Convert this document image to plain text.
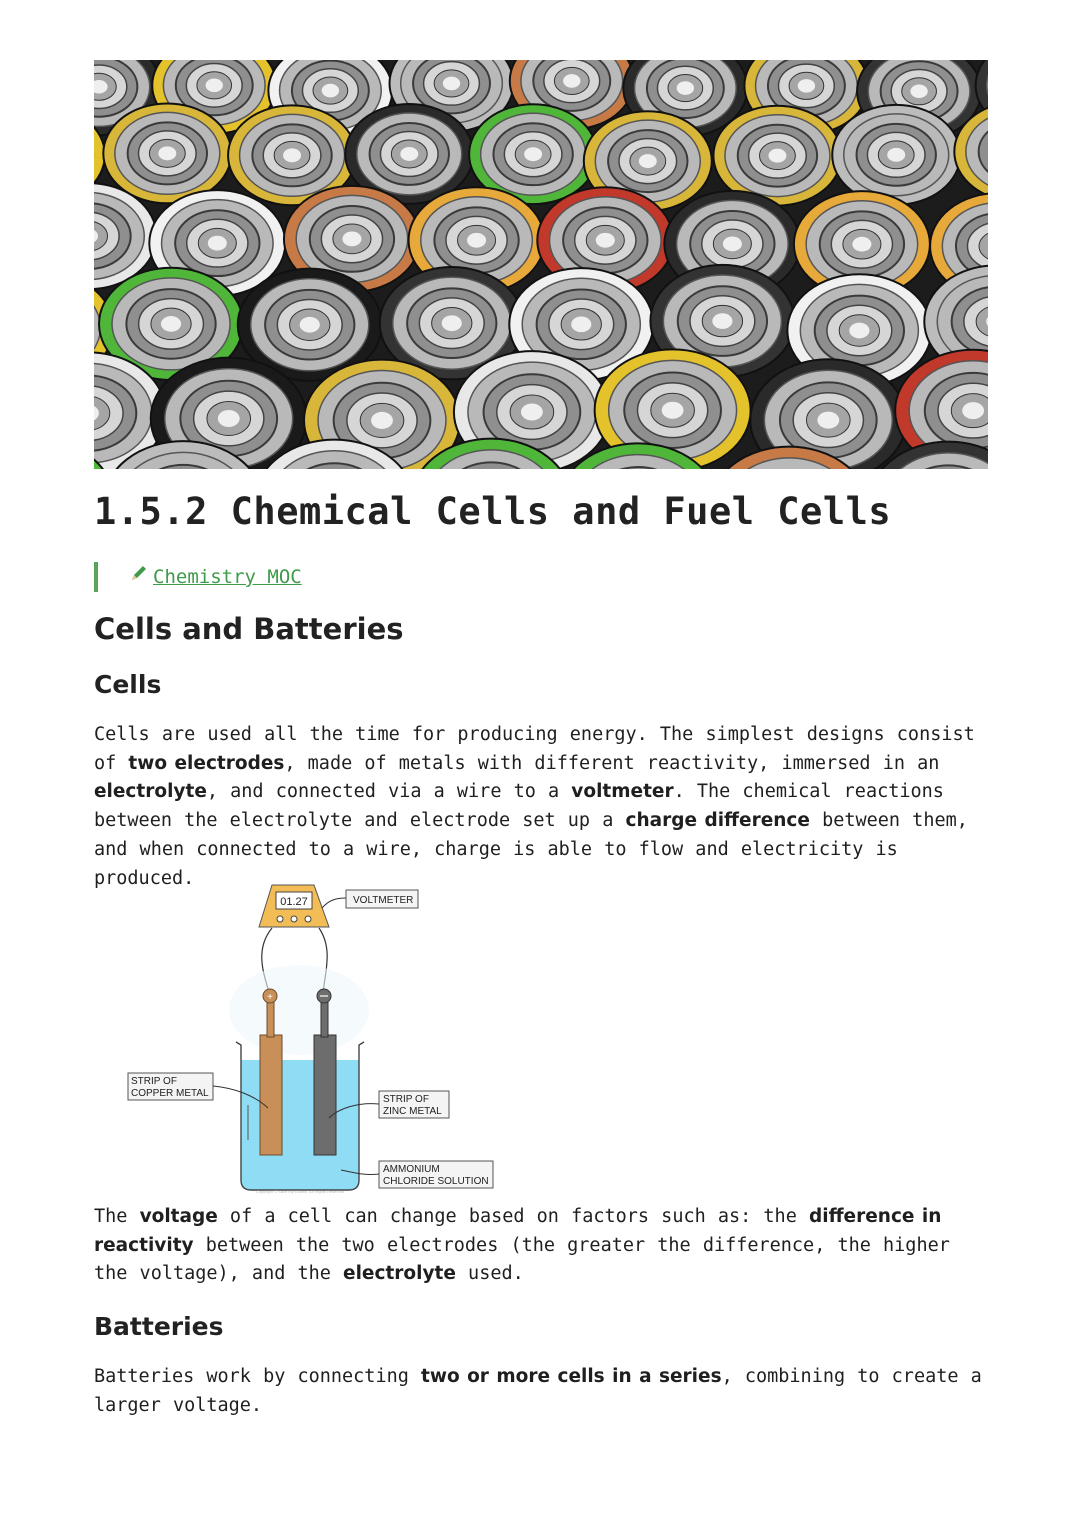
1.5.2 Chemical Cells and Fuel Cells
Chemistry MOC
Cells and Batteries
Cells

Cells are used all the time for producing energy. The simplest designs consist of two electrodes, made of metals with different reactivity, immersed in an electrolyte, and connected via a wire to a voltmeter. The chemical reactions between the electrolyte and electrode set up a charge difference between them, and when connected to a wire, charge is able to flow and electricity is produced.

01.27	VOLTMETER
+
STRIP OF
COPPER METAL
STRIP OF
ZINC METAL
AMMONIUM
CHLORIDE SOLUTION
Copyright © Save My Exams. All Rights Reserved

The voltage of a cell can change based on factors such as: the difference in reactivity between the two electrodes (the greater the difference, the higher the voltage), and the electrolyte used.

Batteries

Batteries work by connecting two or more cells in a series, combining to create a larger voltage.
